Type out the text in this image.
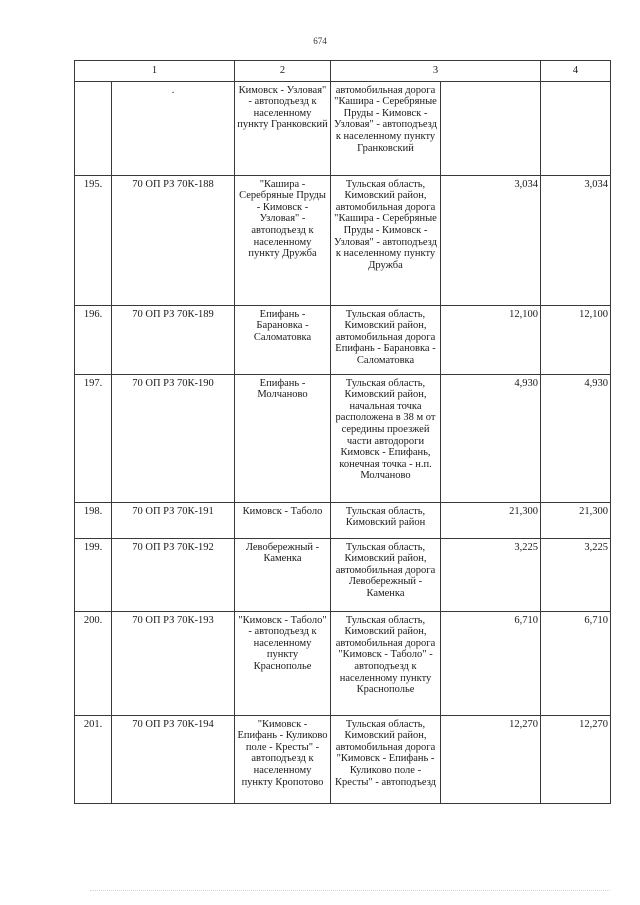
674
1		2	3		4
	.	Кимовск - Узловая" - автоподъезд к населенному пункту Гранковский	автомобильная дорога "Кашира - Серебряные Пруды - Кимовск - Узловая" - автоподъезд к населенному пункту Гранковский		
195.	70 ОП РЗ 70К-188	"Кашира - Серебряные Пруды - Кимовск - Узловая" - автоподъезд к населенному пункту Дружба	Тульская область, Кимовский район, автомобильная дорога "Кашира - Серебряные Пруды - Кимовск - Узловая" - автоподъезд к населенному пункту Дружба	3,034	3,034
196.	70 ОП РЗ 70К-189	Епифань - Барановка - Саломатовка	Тульская область, Кимовский район, автомобильная дорога Епифань - Барановка - Саломатовка	12,100	12,100
197.	70 ОП РЗ 70К-190	Епифань - Молчаново	Тульская область, Кимовский район, начальная точка расположена в 38 м от середины проезжей части автодороги Кимовск - Епифань, конечная точка - н.п. Молчаново	4,930	4,930
198.	70 ОП РЗ 70К-191	Кимовск - Таболо	Тульская область, Кимовский район	21,300	21,300
199.	70 ОП РЗ 70К-192	Левобережный - Каменка	Тульская область, Кимовский район, автомобильная дорога Левобережный - Каменка	3,225	3,225
200.	70 ОП РЗ 70К-193	"Кимовск - Таболо" - автоподъезд к населенному пункту Краснополье	Тульская область, Кимовский район, автомобильная дорога "Кимовск - Таболо" - автоподъезд к населенному пункту Краснополье	6,710	6,710
201.	70 ОП РЗ 70К-194	"Кимовск - Епифань - Куликово поле - Кресты" - автоподъезд к населенному пункту Кропотово	Тульская область, Кимовский район, автомобильная дорога "Кимовск - Епифань - Куликово поле - Кресты" - автоподъезд	12,270	12,270
